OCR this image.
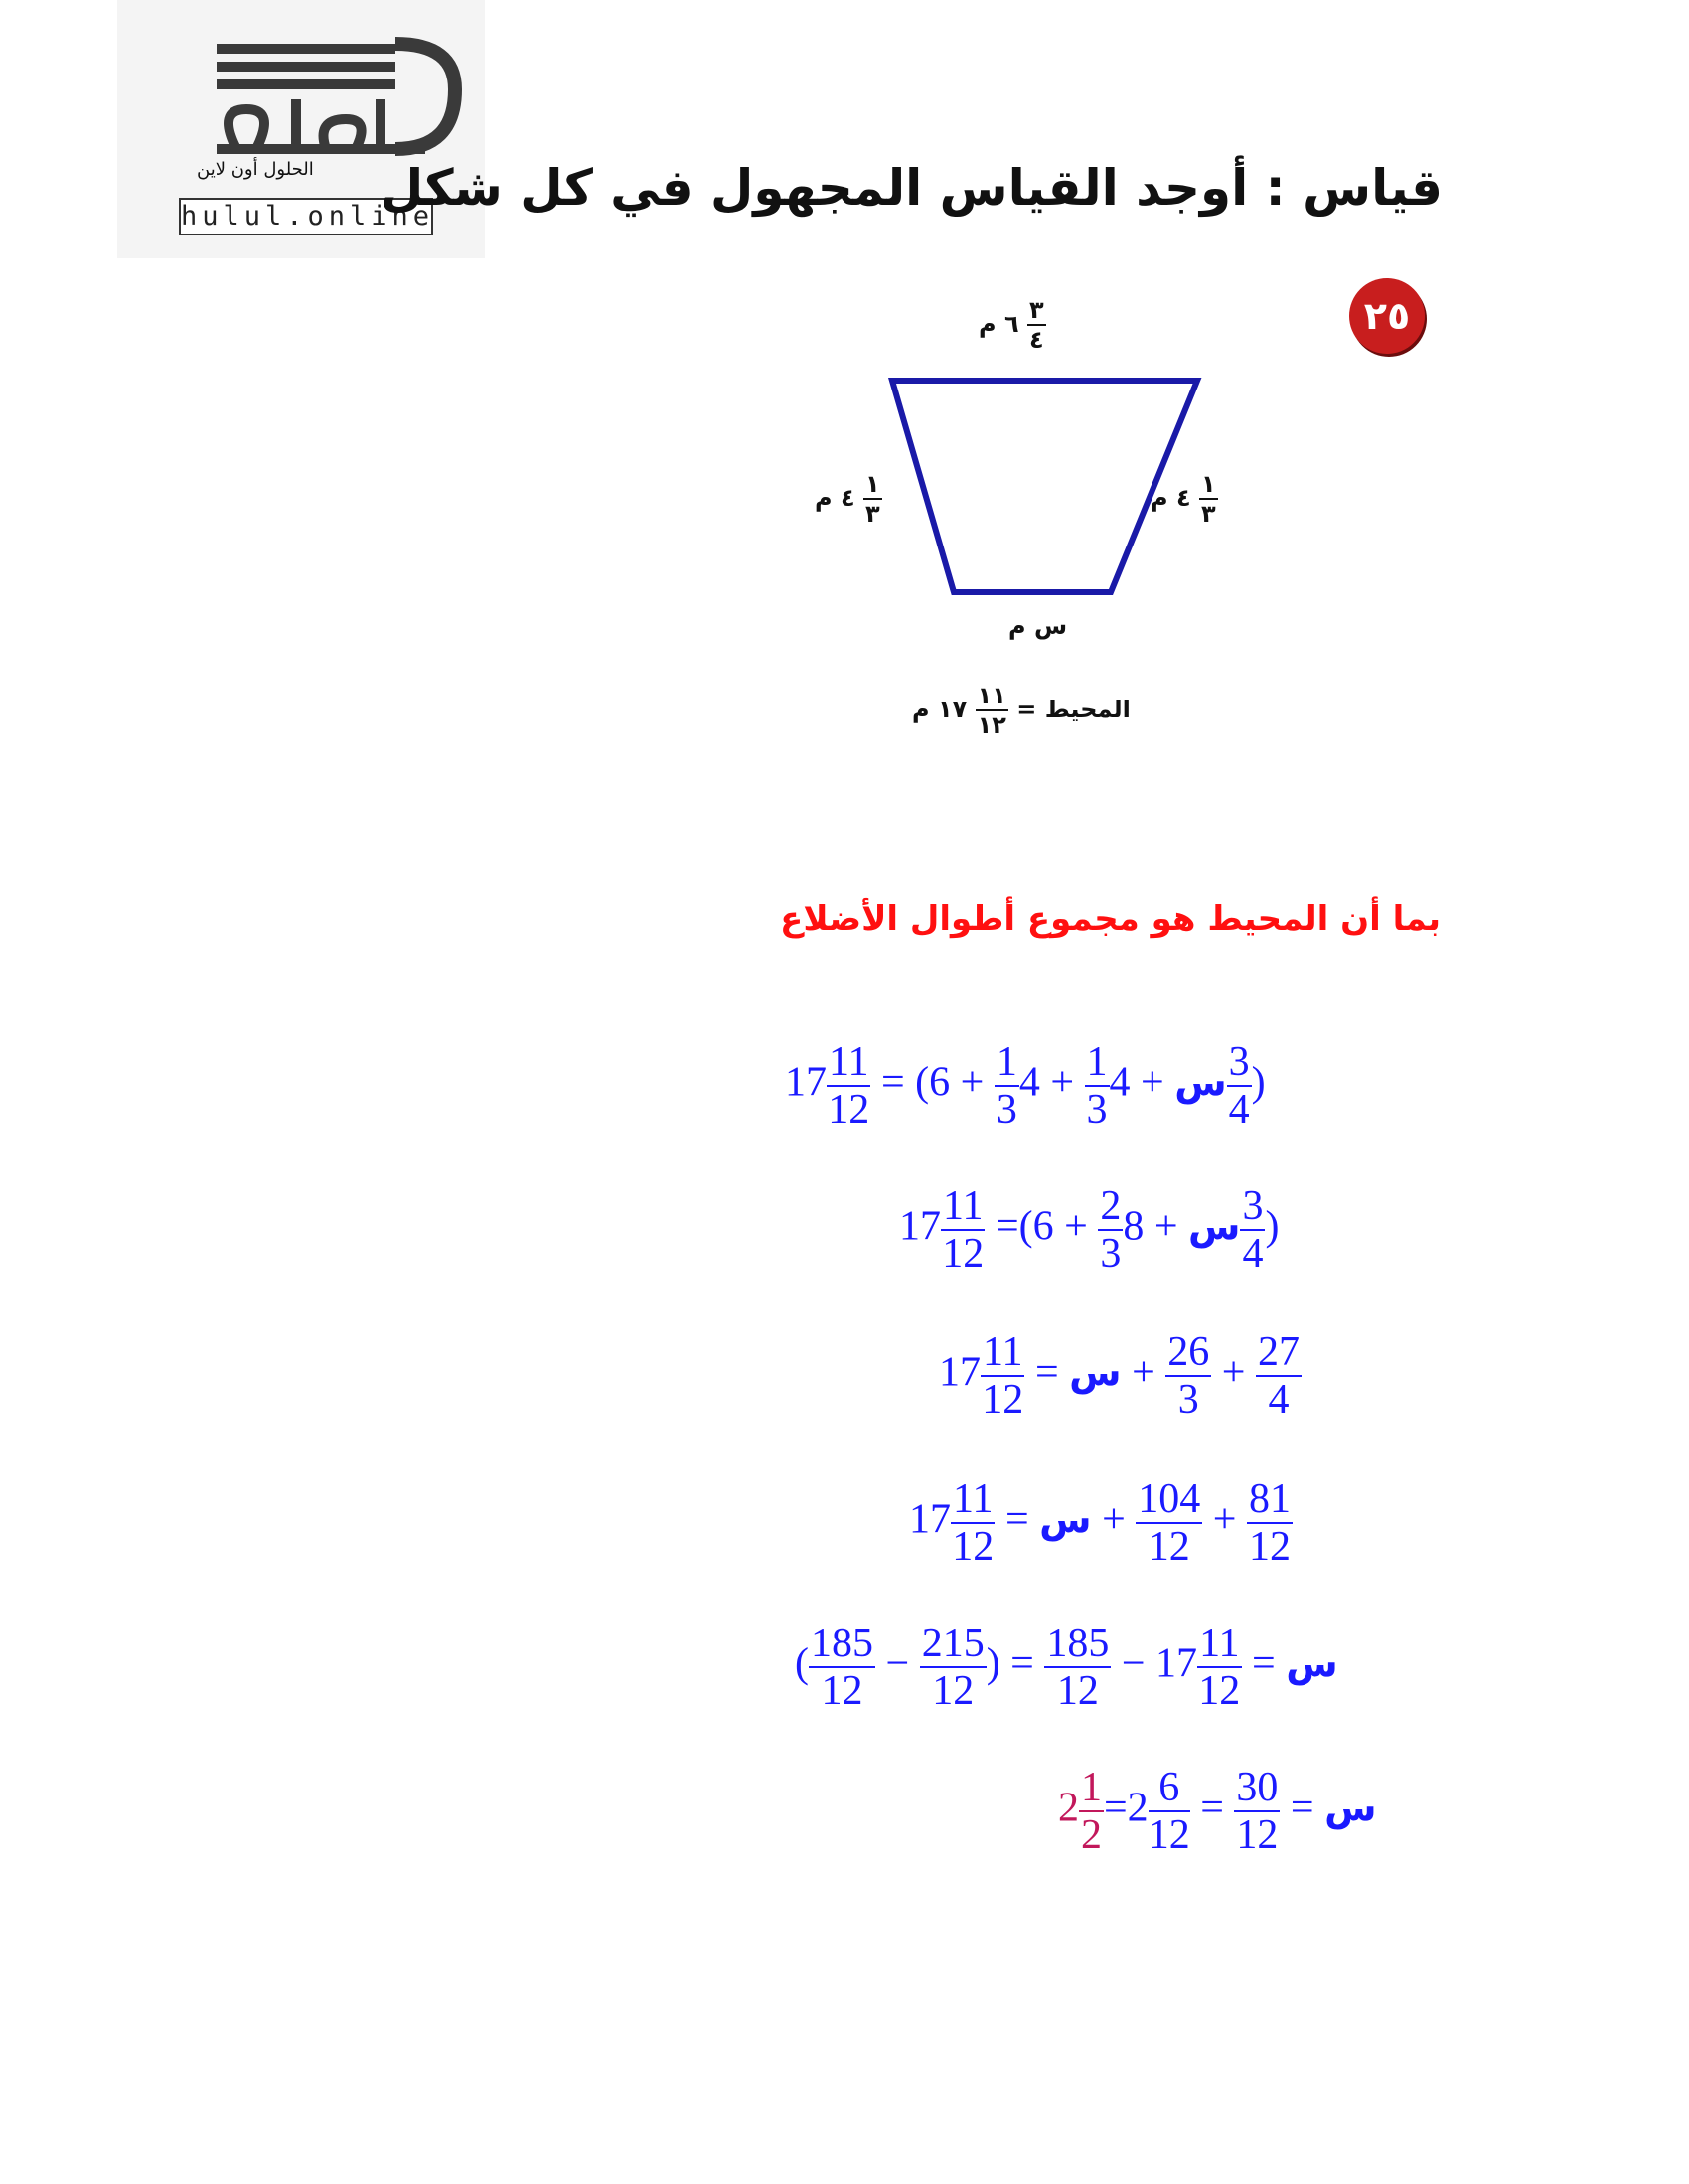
الحلول أون لاين
hulul.online
قياس : أوجد القياس المجهول في كل شكل
٢٥
$\frac{٣}{٤}$
٦ م
$\frac{١}{٣}$
٤ م	$\frac{١}{٣}$
٤ م
س م
المحيط =
$\frac{١١}{١٢}$
١٧ م
بما أن المحيط هو مجموع أطوال الأضلاع
$17 \frac{11}{12}$ = (	س + 4
$\frac{1}{3}$
+ 4
$\frac{1}{3}$
+ 6	$\frac{3}{4}$ )
$17 \frac{11}{12}$ =(	س + 8
$\frac{2}{3}$
+ 6	$\frac{3}{4}$ )
$17 \frac{11}{12}$ = س + $\frac{26}{3} + \frac{27}{4}$
$17 \frac{11}{12}$ = س + $\frac{104}{12} + \frac{81}{12}$
( $\frac{185}{12} - \frac{215}{12}$ ) = $\frac{185}{12} - 17 \frac{11}{12}$ = س
$2 \frac{1}{2} =2 \frac{6}{12} = \frac{30}{12}$ = س
